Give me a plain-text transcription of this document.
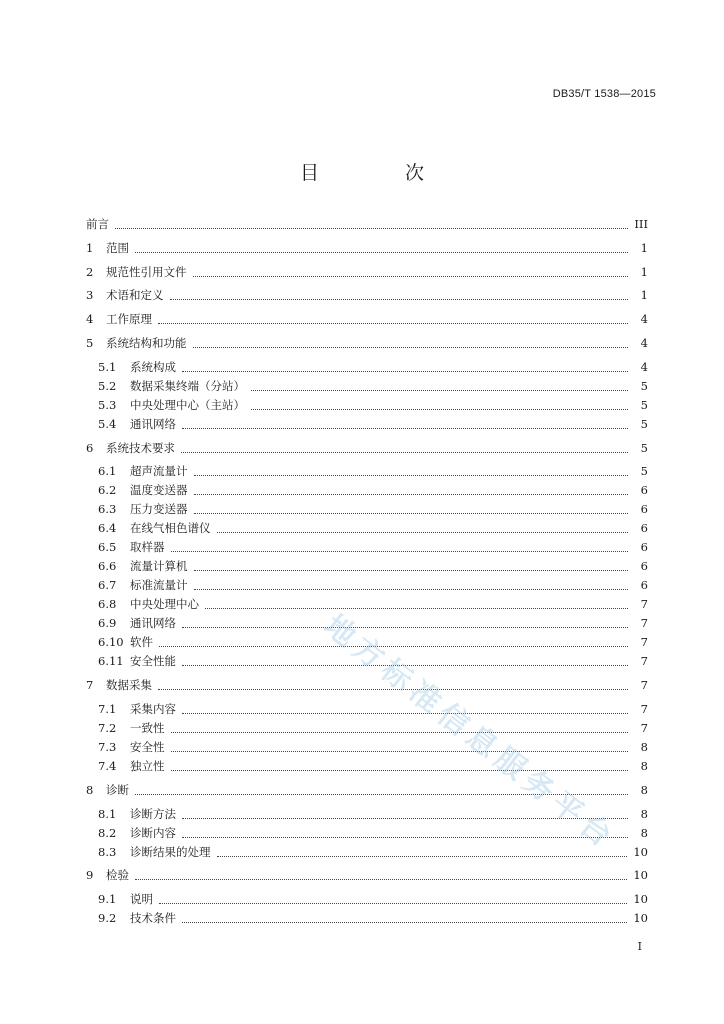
DB35/T 1538—2015
目 次
前言	III
1	范围	1
2	规范性引用文件	1
3	术语和定义	1
4	工作原理	4
5	系统结构和功能	4
5.1	系统构成	4
5.2	数据采集终端（分站）	5
5.3	中央处理中心（主站）	5
5.4	通讯网络	5
6	系统技术要求	5
6.1	超声流量计	5
6.2	温度变送器	6
6.3	压力变送器	6
6.4	在线气相色谱仪	6
6.5	取样器	6
6.6	流量计算机	6
6.7	标准流量计	6
6.8	中央处理中心	7
6.9	通讯网络	7
6.10 软件	7
6.11 安全性能	7
7	数据采集	7
7.1	采集内容	7
7.2	一致性	7
7.3	安全性	8
7.4	独立性	8
8	诊断	8
8.1	诊断方法	8
8.2	诊断内容	8
8.3	诊断结果的处理	10
9	检验	10
9.1	说明	10
9.2	技术条件	10
I
地方标准信息服务平台
